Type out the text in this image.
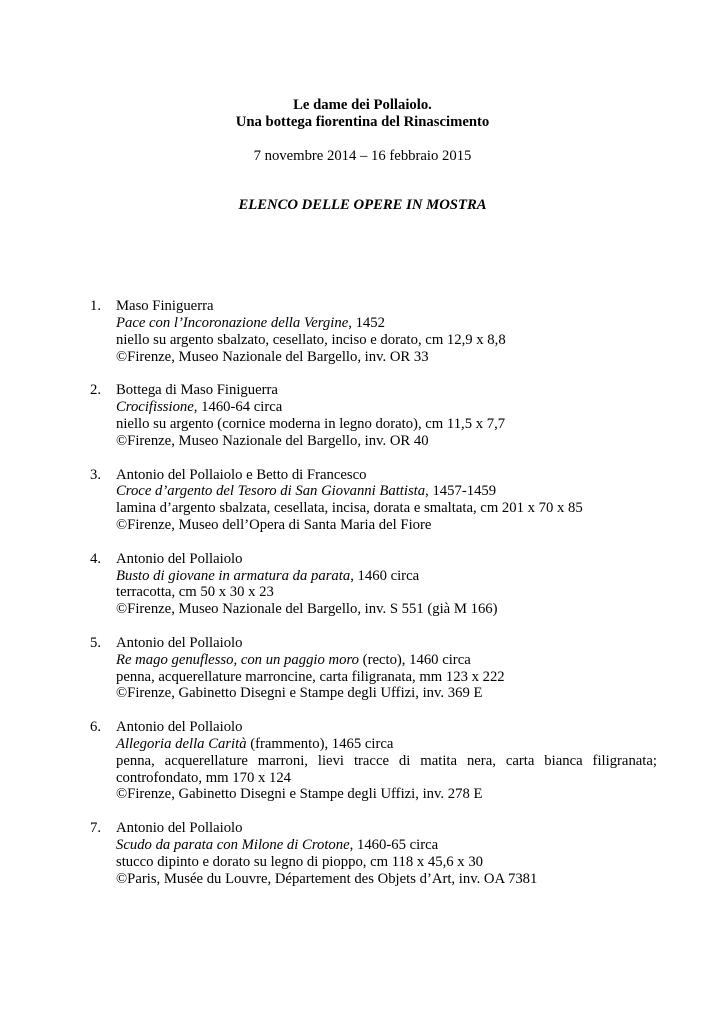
Le dame dei Pollaiolo.
Una bottega fiorentina del Rinascimento
7 novembre 2014 – 16 febbraio 2015
ELENCO DELLE OPERE IN MOSTRA
1.	Maso Finiguerra
Pace con l’Incoronazione della Vergine, 1452
niello su argento sbalzato, cesellato, inciso e dorato, cm 12,9 x 8,8
©Firenze, Museo Nazionale del Bargello, inv. OR 33
2.	Bottega di Maso Finiguerra
Crocifissione, 1460-64 circa
niello su argento (cornice moderna in legno dorato), cm 11,5 x 7,7
©Firenze, Museo Nazionale del Bargello, inv. OR 40
3.	Antonio del Pollaiolo e Betto di Francesco
Croce d’argento del Tesoro di San Giovanni Battista, 1457-1459
lamina d’argento sbalzata, cesellata, incisa, dorata e smaltata, cm 201 x 70 x 85
©Firenze, Museo dell’Opera di Santa Maria del Fiore
4.	Antonio del Pollaiolo
Busto di giovane in armatura da parata, 1460 circa
terracotta, cm 50 x 30 x 23
©Firenze, Museo Nazionale del Bargello, inv. S 551 (già M 166)
5.	Antonio del Pollaiolo
Re mago genuflesso, con un paggio moro (recto), 1460 circa
penna, acquerellature marroncine, carta filigranata, mm 123 x 222
©Firenze, Gabinetto Disegni e Stampe degli Uffizi, inv. 369 E
6.	Antonio del Pollaiolo
Allegoria della Carità (frammento), 1465 circa
penna, acquerellature marroni, lievi tracce di matita nera, carta bianca filigranata; controfondato, mm 170 x 124
©Firenze, Gabinetto Disegni e Stampe degli Uffizi, inv. 278 E
7.	Antonio del Pollaiolo
Scudo da parata con Milone di Crotone, 1460-65 circa
stucco dipinto e dorato su legno di pioppo, cm 118 x 45,6 x 30
©Paris, Musée du Louvre, Département des Objets d’Art, inv. OA 7381
